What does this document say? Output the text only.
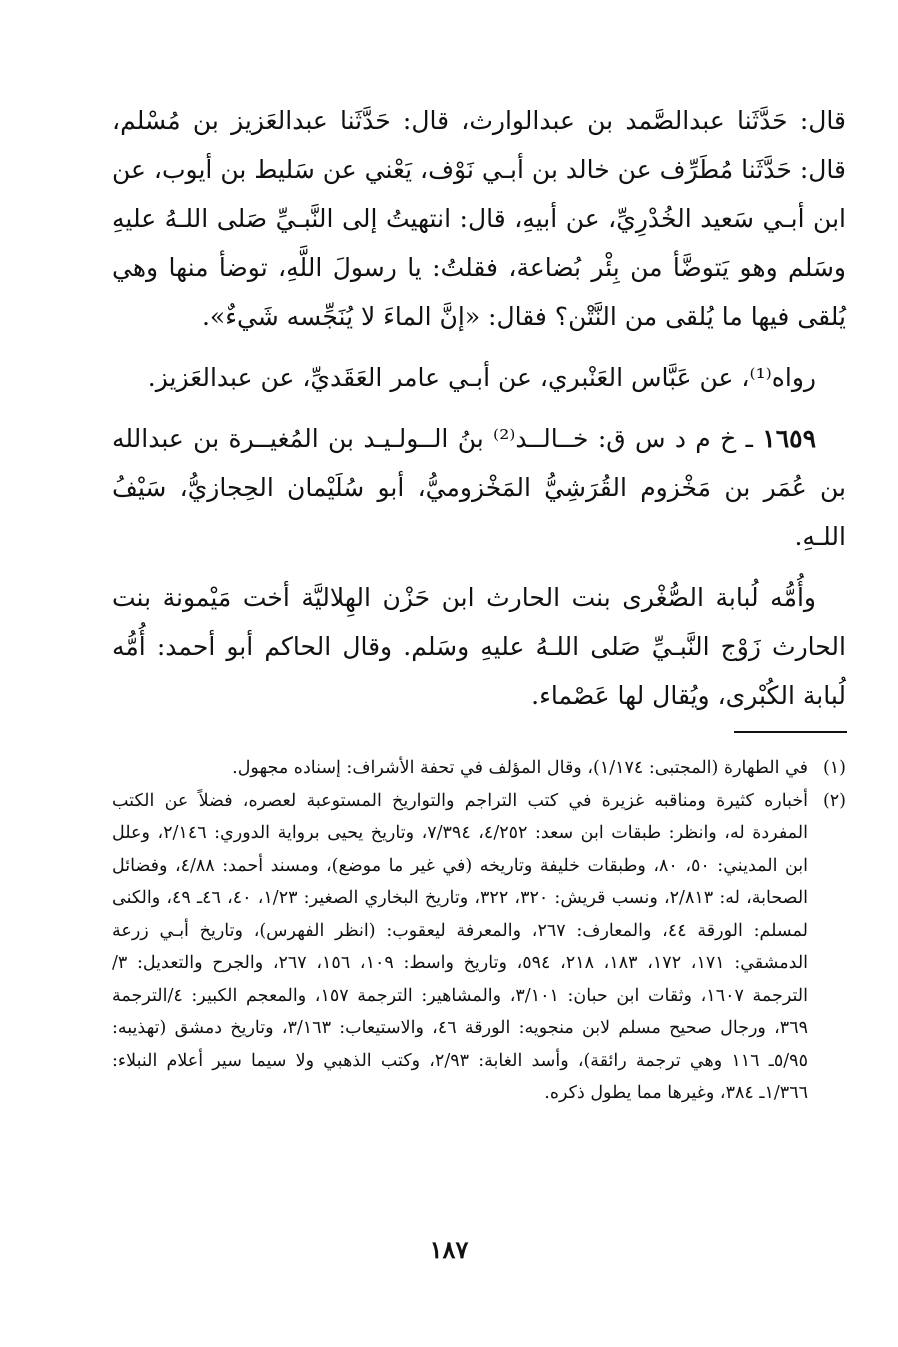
قال: حَدَّثَنا عبدالصَّمد بن عبدالوارث، قال: حَدَّثَنا عبدالعَزيز بن مُسْلم، قال: حَدَّثَنا مُطَرِّف عن خالد بن أبـي نَوْف، يَعْني عن سَليط بن أيوب، عن ابن أبـي سَعيد الخُدْرِيِّ، عن أبيهِ، قال: انتهيتُ إلى النَّبـيِّ صَلى اللـهُ عليهِ وسَلم وهو يَتوضَّأ من بِئْر بُضاعة، فقلتُ: يا رسولَ اللَّهِ، توضأ منها وهي يُلقى فيها ما يُلقى من النَّتْن؟ فقال: «إنَّ الماءَ لا يُنَجِّسه شَيءٌ».

رواه⁽¹⁾، عن عَبَّاس العَنْبري، عن أبـي عامر العَقَديِّ، عن عبدالعَزيز.

١٦٥٩ ـ خ م د س ق: خــالــد⁽²⁾ بنُ الــولـيـد بن المُغيــرة بن عبدالله بن عُمَر بن مَخْزوم القُرَشِيُّ المَخْزوميُّ، أبو سُلَيْمان الحِجازيُّ، سَيْفُ اللـهِ.

وأُمُّه لُبابة الصُّغْرى بنت الحارث ابن حَزْن الهِلاليَّة أخت مَيْمونة بنت الحارث زَوْج النَّبـيِّ صَلى اللـهُ عليهِ وسَلم. وقال الحاكم أبو أحمد: أُمُّه لُبابة الكُبْرى، ويُقال لها عَصْماء.

(١)
في الطهارة (المجتبى: ١/١٧٤)، وقال المؤلف في تحفة الأشراف: إسناده مجهول.
(٢)
أخباره كثيرة ومناقبه غزيرة في كتب التراجم والتواريخ المستوعبة لعصره، فضلاً عن الكتب المفردة له، وانظر: طبقات ابن سعد: ٤/٢٥٢، ٧/٣٩٤، وتاريخ يحيى برواية الدوري: ٢/١٤٦، وعلل ابن المديني: ٥٠، ٨٠، وطبقات خليفة وتاريخه (في غير ما موضع)، ومسند أحمد: ٤/٨٨، وفضائل الصحابة، له: ٢/٨١٣، ونسب قريش: ٣٢٠، ٣٢٢، وتاريخ البخاري الصغير: ١/٢٣، ٤٠، ٤٦ـ ٤٩، والكنى لمسلم: الورقة ٤٤، والمعارف: ٢٦٧، والمعرفة ليعقوب: (انظر الفهرس)، وتاريخ أبـي زرعة الدمشقي: ١٧١، ١٧٢، ١٨٣، ٢١٨، ٥٩٤، وتاريخ واسط: ١٠٩، ١٥٦، ٢٦٧، والجرح والتعديل: ٣/الترجمة ١٦٠٧، وثقات ابن حبان: ٣/١٠١، والمشاهير: الترجمة ١٥٧، والمعجم الكبير: ٤/الترجمة ٣٦٩، ورجال صحيح مسلم لابن منجويه: الورقة ٤٦، والاستيعاب: ٣/١٦٣، وتاريخ دمشق (تهذيبه: ٥/٩٥ـ ١١٦ وهي ترجمة رائقة)، وأسد الغابة: ٢/٩٣، وكتب الذهبي ولا سيما سير أعلام النبلاء: ١/٣٦٦ـ ٣٨٤، وغيرها مما يطول ذكره.
١٨٧
